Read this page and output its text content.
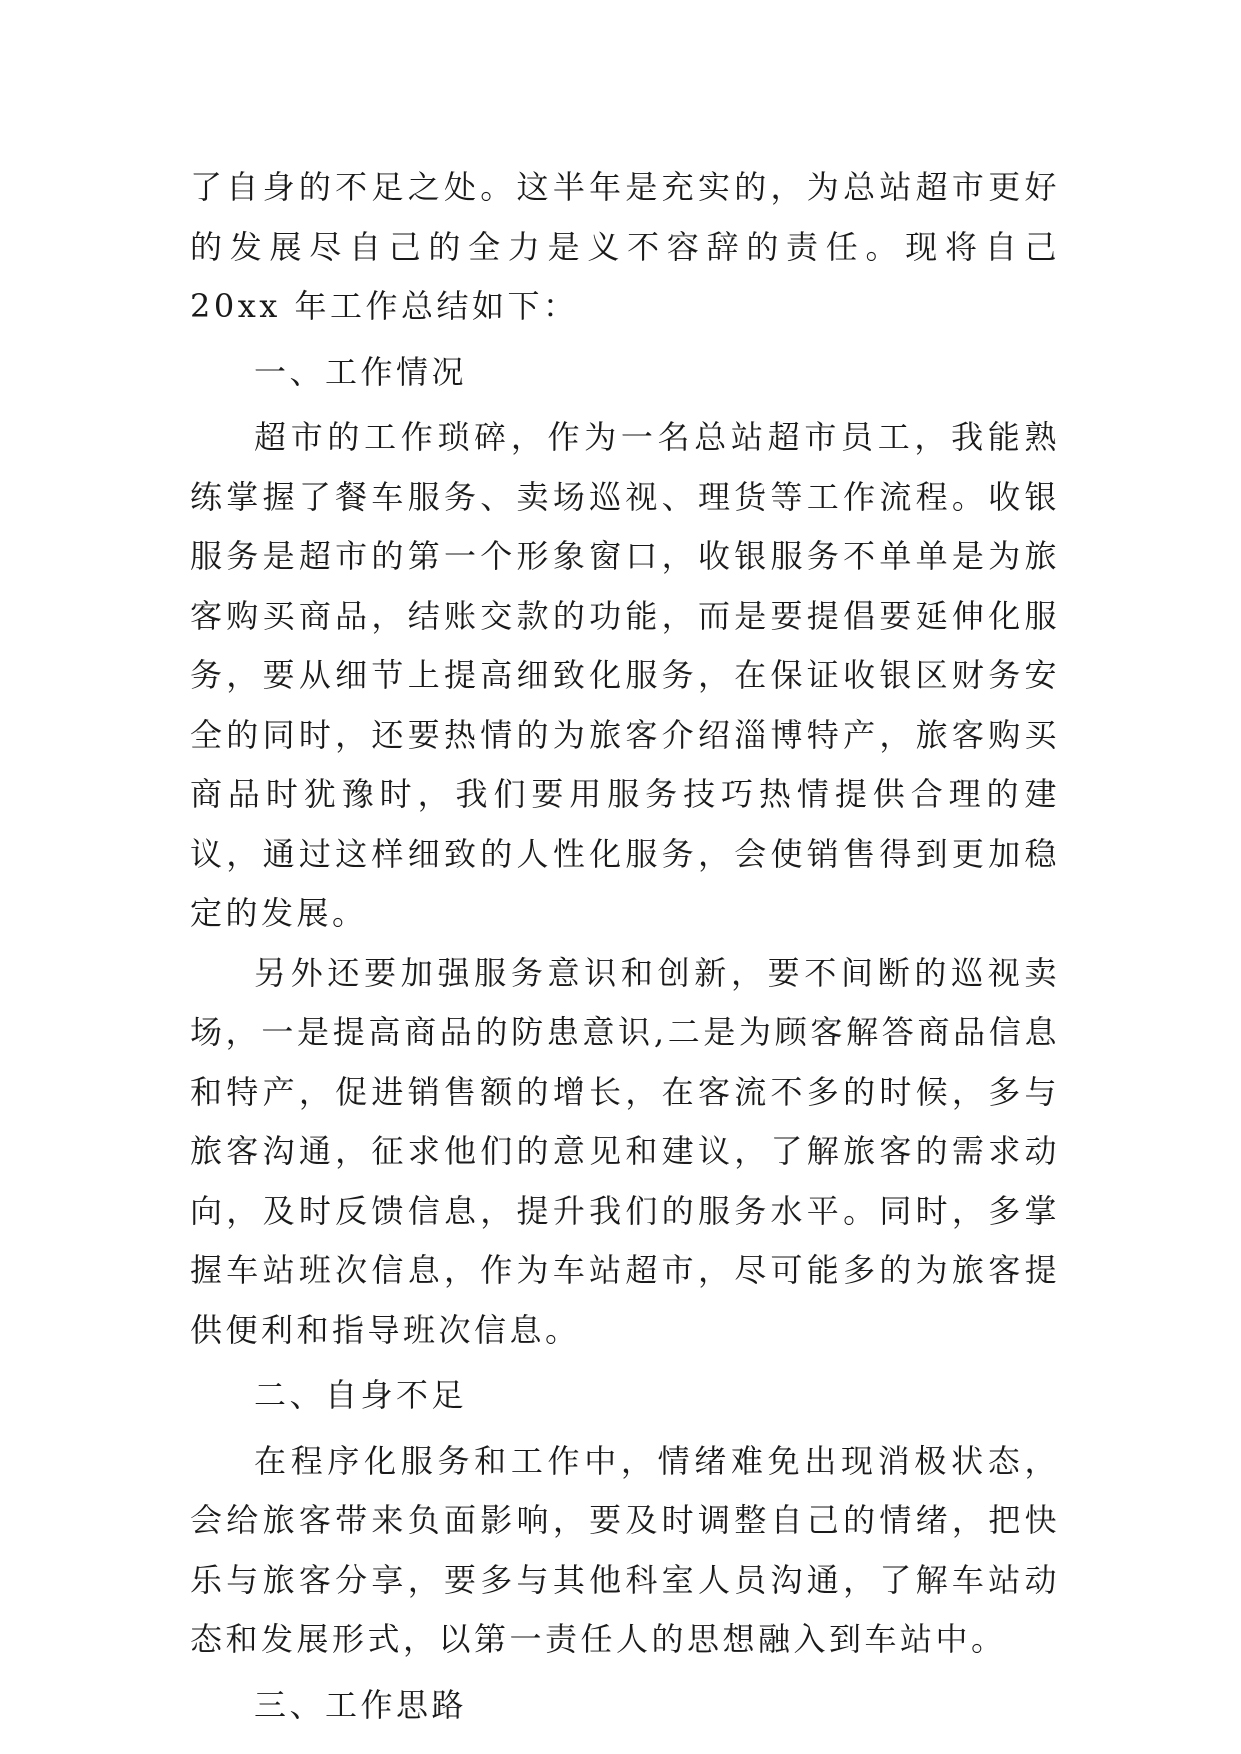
了自身的不足之处。这半年是充实的，为总站超市更好的发展尽自己的全力是义不容辞的责任。现将自己 20xx 年工作总结如下：

一、工作情况

超市的工作琐碎，作为一名总站超市员工，我能熟练掌握了餐车服务、卖场巡视、理货等工作流程。收银服务是超市的第一个形象窗口，收银服务不单单是为旅客购买商品，结账交款的功能，而是要提倡要延伸化服务，要从细节上提高细致化服务，在保证收银区财务安全的同时，还要热情的为旅客介绍淄博特产，旅客购买商品时犹豫时，我们要用服务技巧热情提供合理的建议，通过这样细致的人性化服务，会使销售得到更加稳定的发展。

另外还要加强服务意识和创新，要不间断的巡视卖场，一是提高商品的防患意识,二是为顾客解答商品信息和特产，促进销售额的增长，在客流不多的时候，多与旅客沟通，征求他们的意见和建议，了解旅客的需求动向，及时反馈信息，提升我们的服务水平。同时，多掌握车站班次信息，作为车站超市，尽可能多的为旅客提供便利和指导班次信息。

二、自身不足

在程序化服务和工作中，情绪难免出现消极状态，会给旅客带来负面影响，要及时调整自己的情绪，把快乐与旅客分享，要多与其他科室人员沟通，了解车站动态和发展形式，以第一责任人的思想融入到车站中。

三、工作思路
